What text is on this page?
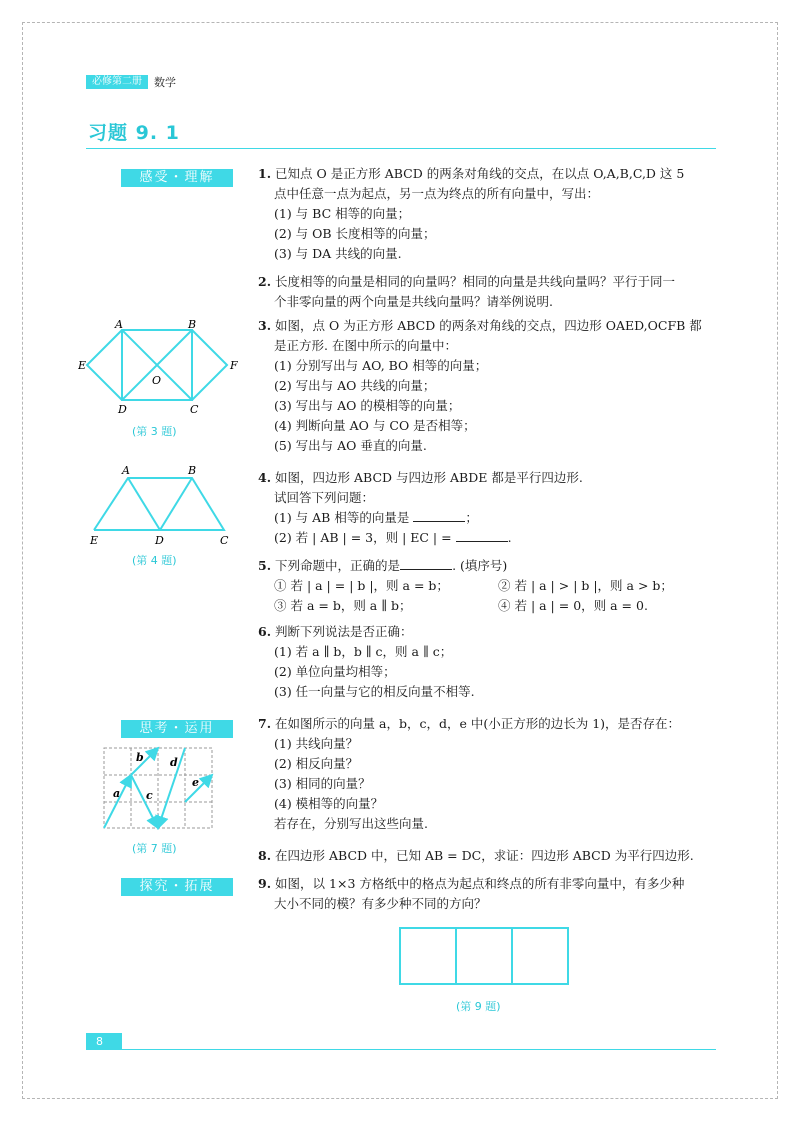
必修第二册	数学
习题 9. 1
感受・理解
思考・运用
探究・拓展
1. 已知点 O 是正方形 ABCD 的两条对角线的交点，在以点 O,A,B,C,D 这 5
点中任意一点为起点，另一点为终点的所有向量中，写出：
(1) 与 BC 相等的向量；
(2) 与 OB 长度相等的向量；
(3) 与 DA 共线的向量.
2. 长度相等的向量是相同的向量吗？相同的向量是共线向量吗？平行于同一
个非零向量的两个向量是共线向量吗？请举例说明.
3. 如图，点 O 为正方形 ABCD 的两条对角线的交点，四边形 OAED,OCFB 都
是正方形. 在图中所示的向量中：
(1) 分别写出与 AO, BO 相等的向量；
(2) 写出与 AO 共线的向量；
(3) 写出与 AO 的模相等的向量；
(4) 判断向量 AO 与 CO 是否相等；
(5) 写出与 AO 垂直的向量.
4. 如图，四边形 ABCD 与四边形 ABDE 都是平行四边形.
试回答下列问题：
(1) 与 AB 相等的向量是	；
(2) 若 | AB | = 3，则 | EC | =	.
5. 下列命题中，正确的是	. (填序号)
① 若 | a | = | b |，则 a = b；	② 若 | a | > | b |，则 a > b；
③ 若 a = b，则 a ∥ b；	④ 若 | a | = 0，则 a = 0.
6. 判断下列说法是否正确：
(1) 若 a ∥ b，b ∥ c，则 a ∥ c；
(2) 单位向量均相等；
(3) 任一向量与它的相反向量不相等.
7. 在如图所示的向量 a，b，c，d，e 中(小正方形的边长为 1)，是否存在：
(1) 共线向量？
(2) 相反向量？
(3) 相同的向量？
(4) 模相等的向量？
若存在，分别写出这些向量.
8. 在四边形 ABCD 中，已知 AB = DC，求证：四边形 ABCD 为平行四边形.
9. 如图，以 1×3 方格纸中的格点为起点和终点的所有非零向量中，有多少种
大小不同的模？有多少种不同的方向？
A	B
C
D
E	F
O
(第 3 题)
A	B
C
D
E
(第 4 题)
a
b
c
d
e
(第 7 题)
(第 9 题)
8
